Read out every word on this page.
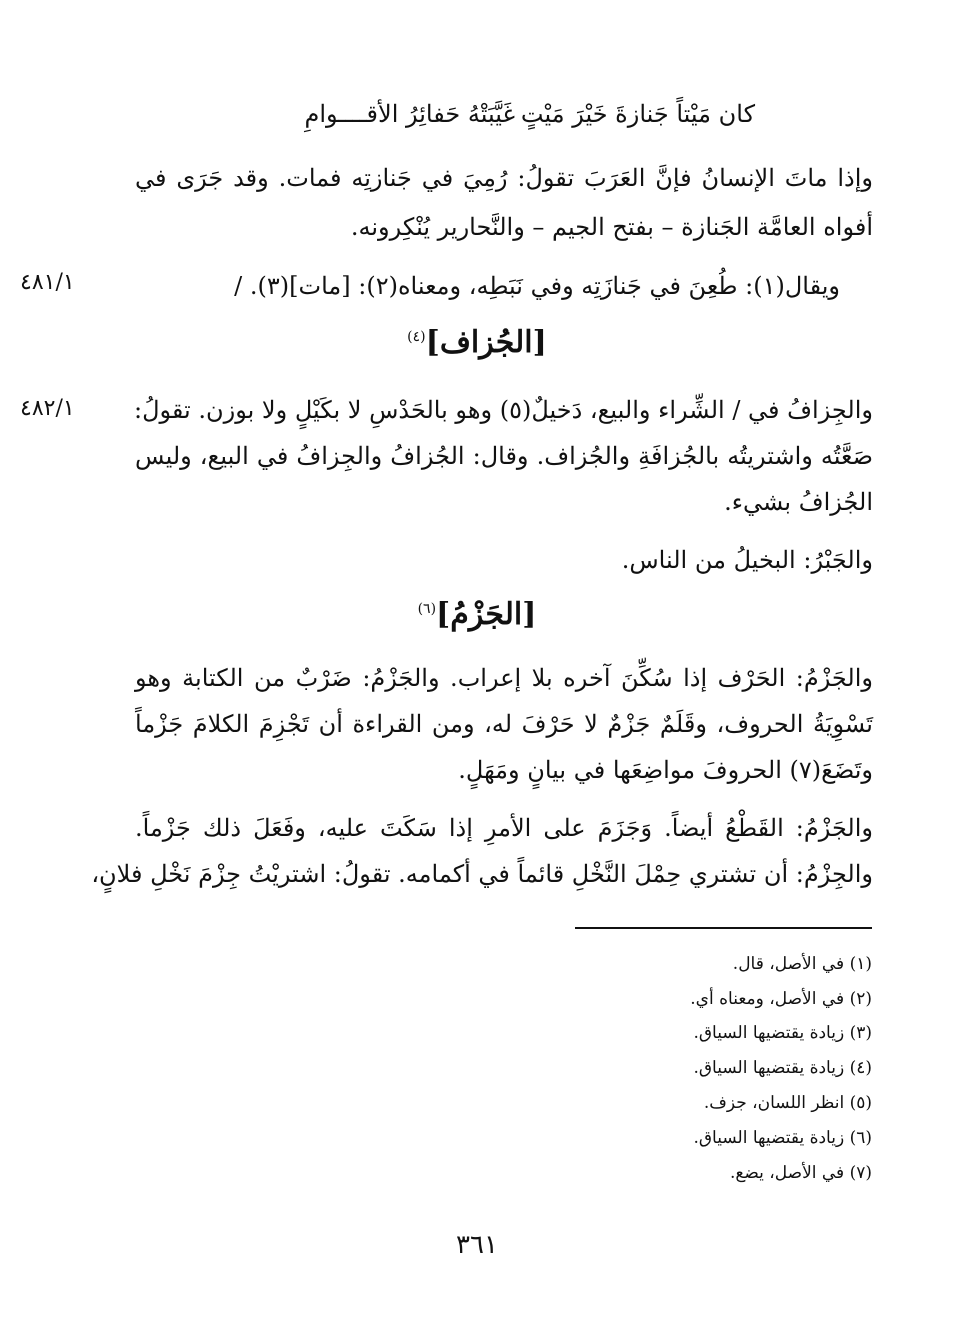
كان مَيْتاً جَنازةَ خَيْرَ مَيْتٍ
غَيَّبَتْهُ حَفائِرُ الأقــــوامِ
وإذا ماتَ الإنسانُ فإنَّ العَرَبَ تقولُ: رُمِيَ في جَنازتِه فمات. وقد جَرَى في
أفواه العامَّة الجَنازة – بفتح الجيم – والنَّحارير يُنْكِرونه.
ويقال(١): طُعِنَ في جَنازَتِه وفي نَبَطِه، ومعناه(٢): [مات](٣). /
٤٨١/١
[الجُزاف]$^{(٤)}$
والجِزافُ في / الشِّراء والبيع، دَخيلٌ(٥) وهو بالحَدْسِ لا بكَيْلٍ ولا بوزن. تقولُ:
٤٨٢/١
صَعَّتُه واشتريتُه بالجُزافَةِ والجُزاف. وقال: الجُزافُ والجِزافُ في البيع، وليس
الجُزافُ بشيء.
والجَبْرُ: البخيلُ من الناس.
[الجَزْمُ]$^{(٦)}$
والجَزْمُ: الحَرْف إذا سُكِّنَ آخره بلا إعراب. والجَزْمُ: ضَرْبٌ من الكتابة وهو
تَسْوِيَةُ الحروف، وقَلَمٌ جَزْمٌ لا حَرْفَ له، ومن القراءة أن تَجْزِمَ الكلامَ جَزْماً
وتَضَعَ(٧) الحروفَ مواضِعَها في بيانٍ ومَهَلٍ.
والجَزْمُ: القَطْعُ أيضاً. وَجَزَمَ على الأمرِ إذا سَكَتَ عليه، وفَعَلَ ذلك جَزْماً.
والجِزْمُ: أن تشتري حِمْلَ النَّخْلِ قائماً في أكمامه. تقولُ: اشتريْتُ جِزْمَ نَخْلِ فلانٍ،
(١) في الأصل، قال.
(٢) في الأصل، ومعناه أي.
(٣) زيادة يقتضيها السياق.
(٤) زيادة يقتضيها السياق.
(٥) انظر اللسان، جزف.
(٦) زيادة يقتضيها السياق.
(٧) في الأصل، يضع.
٣٦١
